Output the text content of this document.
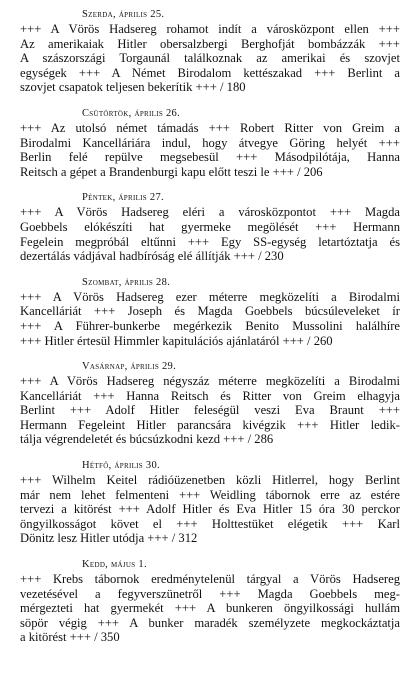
Szerda, április 25.
+++ A Vörös Hadsereg rohamot indít a városközpont ellen +++
Az amerikaiak Hitler obersalzbergi Berghofját bombázzák +++
A szászországi Torgaunál találkoznak az amerikai és szovjet
egységek +++ A Német Birodalom kettészakad +++ Berlint a
szovjet csapatok teljesen bekerítik +++ / 180
Csütörtök, április 26.
+++ Az utolsó német támadás +++ Robert Ritter von Greim a
Birodalmi Kancelláriára indul, hogy átvegye Göring helyét +++
Berlin felé repülve megsebesül +++ Másodpilótája, Hanna
Reitsch a gépet a Brandenburgi kapu előtt teszi le +++ / 206
Péntek, április 27.
+++ A Vörös Hadsereg eléri a városközpontot +++ Magda
Goebbels elókészíti hat gyermeke megölését +++ Hermann
Fegelein megpróbál eltűnni +++ Egy SS-egység letartóztatja és
dezertálás vádjával hadbíróság elé állítják +++ / 230
Szombat, április 28.
+++ A Vörös Hadsereg ezer méterre megközelíti a Birodalmi
Kancelláriát +++ Joseph és Magda Goebbels búcsúleveleket ír
+++ A Führer-bunkerbe megérkezik Benito Mussolini halálhíre
+++ Hitler értesül Himmler kapitulációs ajánlatáról +++ / 260
Vasárnap, április 29.
+++ A Vörös Hadsereg négyszáz méterre megközelíti a Birodalmi
Kancelláriát +++ Hanna Reitsch és Ritter von Greim elhagyja
Berlint +++ Adolf Hitler feleségül veszi Eva Braunt +++
Hermann Fegeleint Hitler parancsára kivégzik +++ Hitler ledik-
tálja végrendeletét és búcsúzkodni kezd +++ / 286
Hétfő, április 30.
+++ Wilhelm Keitel rádióüzenetben közli Hitlerrel, hogy Berlint
már nem lehet felmenteni +++ Weidling tábornok erre az estére
tervezi a kitörést +++ Adolf Hitler és Eva Hitler 15 óra 30 perckor
öngyilkosságot követ el +++ Holttestüket elégetik +++ Karl
Dönitz lesz Hitler utódja +++ / 312
Kedd, május 1.
+++ Krebs tábornok eredménytelenül tárgyal a Vörös Hadsereg
vezetésével a fegyverszünetről +++ Magda Goebbels meg-
mérgezteti hat gyermekét +++ A bunkeren öngyilkossági hullám
söpör végig +++ A bunker maradék személyzete megkockáztatja
a kitörést +++ / 350
